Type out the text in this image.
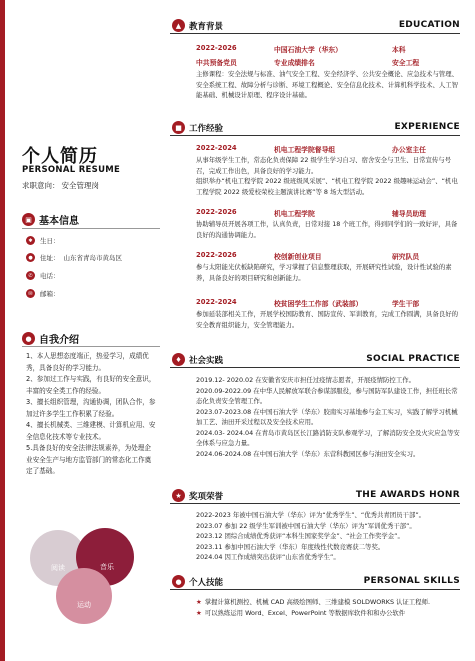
个人简历
PERSONAL RESUME
求职意向： 安全管理岗
▣ 基本信息
✱	生日：
●	住址： 山东省青岛市黄岛区
✆	电话：
✉	邮箱：
● 自我介绍

1、本人思想态度端正，热爱学习，成绩优秀，具备良好的学习能力。

2、参加过工作与实践，有良好的安全意识，丰富的安全类工作的经验。

3、擅长组织管理，沟通协调，团队合作，参加过许多学生工作积累了经验。

4、擅长机械类、三维建模、计算机应用、安全信息化技术等专业技术。

5.具备良好的安全法律法规素养，为处理企业安全生产与地方监管部门的常态化工作奠定了基础。

阅读	音乐
运动
▲ 教育背景	EDUCATION
2022-2026	中国石油大学（华东）	本科
中共预备党员	专业成绩排名	安全工程

主修课程：安全法规与标准、油气安全工程、安全经济学、公共安全概论、应急技术与管理、安全系统工程、故障分析与诊断、环境工程概论、安全信息化技术、计算机科学技术、人工智能基础、机械设计原理、程序设计基础。

■ 工作经验	EXPERIENCE
2022-2024	机电工程学院督导组	办公室主任

从事年级学生工作，常态化负责保障 22 级学生学习自习、宿舍安全与卫生、日常宣传与号召，完成工作出色，具备良好的学习能力。

组织举办“机电工程学院 2022 级班级风采展”、“机电工程学院 2022 级趣味运动会”、“机电工程学院 2022 级爱校荣校主题演讲比赛”等 8 场大型活动。

2022-2026	机电工程学院	辅导员助理

协助辅导员开展各项工作，认真负责，日常对接 18 个班工作，得到同学们的一致好评，具备良好的沟通协调能力。

2022-2026	校创新创业项目	研究队员

参与太阳能光伏板缺陷研究，学习掌握了信息整理获取，开展研究性试验，设计性试验的素养，具备良好的项目研究和创新能力。

2022-2024	校贫困学生工作部（武装部）	学生干部

参加延装部相关工作，开展学校国防教育、国防宣传、军训教育，完成工作圆满，具备良好的安全教育组织能力，安全管理能力。

♦ 社会实践	SOCIAL PRACTICE

2019.12- 2020.02 在安徽省安庆市担任过疫情志愿者，开展疫情防控工作。

2020.09-2022.09 在中华人民解放军联合参谋部服役，参与国防军队建设工作，担任班长常态化负责安全管理工作。

2023.07-2023.08 在中国石油大学（华东）胶南实习基地参与金工实习，实践了解学习机械加工艺、油田开采过程以及安全技术应用。

2024.03- 2024.04 在青岛市黄岛区长江路消防支队参观学习，了解消防安全及火灾应急等安全体系与应急力量。

2024.06-2024.08 在中国石油大学（华东）东营科教园区参与油田安全实习。

★ 奖项荣誉	THE AWARDS HONR

2022-2023 年被中国石油大学（华东）评为“优秀学生”、“优秀共青团员干部”。

2023.07 参加 22 级学生军训被中国石油大学（华东）评为“军训优秀干部”。

2023.12 团综合成绩优秀获评“本科生国家奖学金”、“社会工作奖学金”。

2023.11 参加中国石油大学（华东）年度线性代数竞赛获二等奖。

2024.04 因工作成绩突出获评“山东省优秀学生”。

● 个人技能	PERSONAL SKILLS
★ 掌握计算机测控、机械 CAD 高级绘图师、三维建模 SOLDWORKS 认证工程师.
★ 可以熟练运用 Word、Excel、PowerPoint 等数据库软件和和办公软件
